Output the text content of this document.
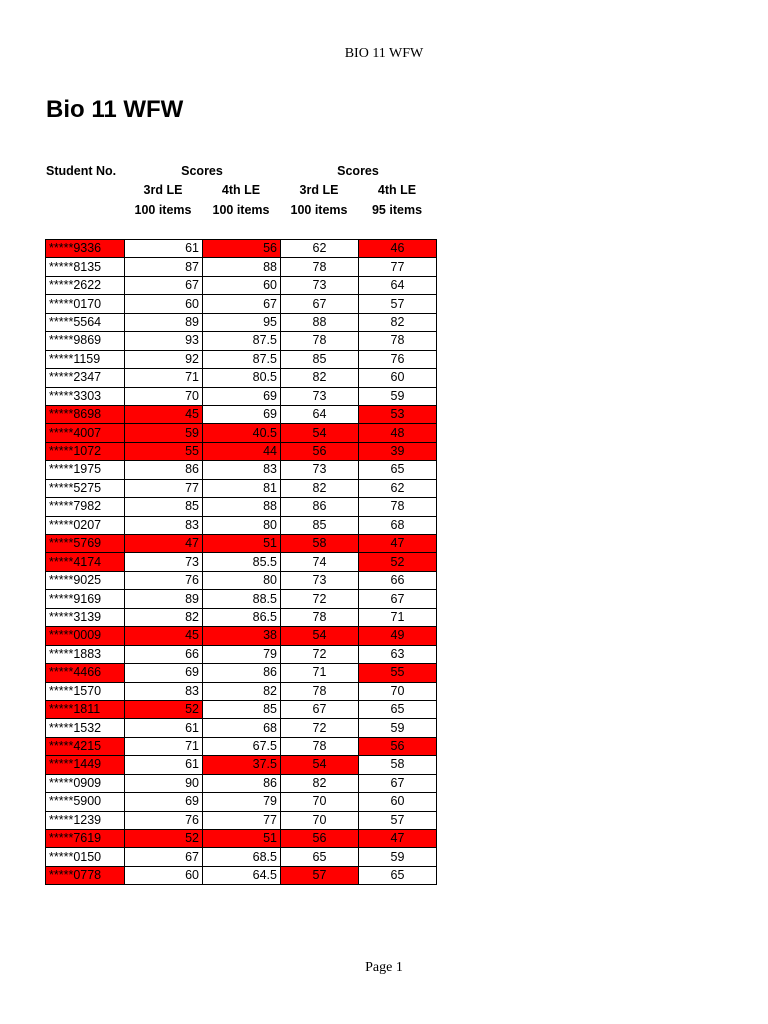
BIO 11 WFW
Bio 11 WFW
Student No.	Scores	Scores
3rd LE	4th LE	3rd LE	4th LE
100 items	100 items	100 items	95 items
*****9336	61	56	62	46
*****8135	87	88	78	77
*****2622	67	60	73	64
*****0170	60	67	67	57
*****5564	89	95	88	82
*****9869	93	87.5	78	78
*****1159	92	87.5	85	76
*****2347	71	80.5	82	60
*****3303	70	69	73	59
*****8698	45	69	64	53
*****4007	59	40.5	54	48
*****1072	55	44	56	39
*****1975	86	83	73	65
*****5275	77	81	82	62
*****7982	85	88	86	78
*****0207	83	80	85	68
*****5769	47	51	58	47
*****4174	73	85.5	74	52
*****9025	76	80	73	66
*****9169	89	88.5	72	67
*****3139	82	86.5	78	71
*****0009	45	38	54	49
*****1883	66	79	72	63
*****4466	69	86	71	55
*****1570	83	82	78	70
*****1811	52	85	67	65
*****1532	61	68	72	59
*****4215	71	67.5	78	56
*****1449	61	37.5	54	58
*****0909	90	86	82	67
*****5900	69	79	70	60
*****1239	76	77	70	57
*****7619	52	51	56	47
*****0150	67	68.5	65	59
*****0778	60	64.5	57	65
Page 1
